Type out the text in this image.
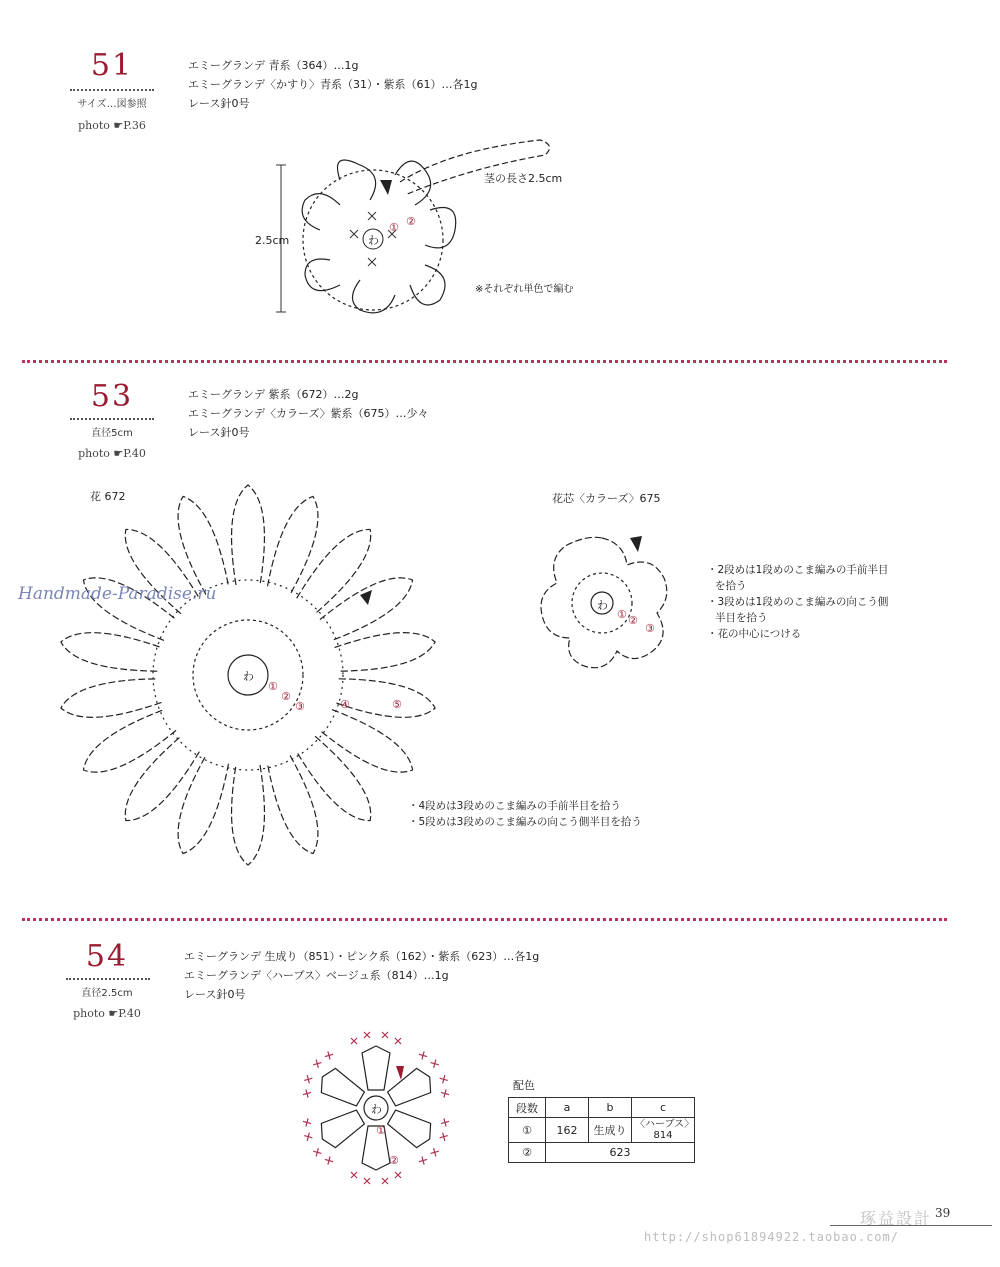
51
サイズ…図参照
photo ☛P.36
エミーグランデ 青系（364）…1g
エミーグランデ〈かすり〉青系（31）・紫系（61）…各1g
レース針0号
わ
① ②
2.5cm
茎の長さ2.5cm
※それぞれ単色で編む
53
直径5cm
photo ☛P.40
エミーグランデ 紫系（672）…2g
エミーグランデ〈カラーズ〉紫系（675）…少々
レース針0号
花 672	花芯〈カラーズ〉675
わ
①
②
③	④	⑤
わ
① ②
③
・2段めは1段めのこま編みの手前半目
を拾う
・3段めは1段めのこま編みの向こう側
半目を拾う
・花の中心につける
・4段めは3段めのこま編みの手前半目を拾う
・5段めは3段めのこま編みの向こう側半目を拾う
Handmade-Paradise.ru
54
直径2.5cm
photo ☛P.40
エミーグランデ 生成り（851）・ピンク系（162）・紫系（623）…各1g
エミーグランデ〈ハーブス〉ベージュ系（814）…1g
レース針0号
わ
①
②
配色
段数	a	b	c
①	162	生成り	〈ハーブス〉
814

②	623		
琢益設計 39
http://shop61894922.taobao.com/
